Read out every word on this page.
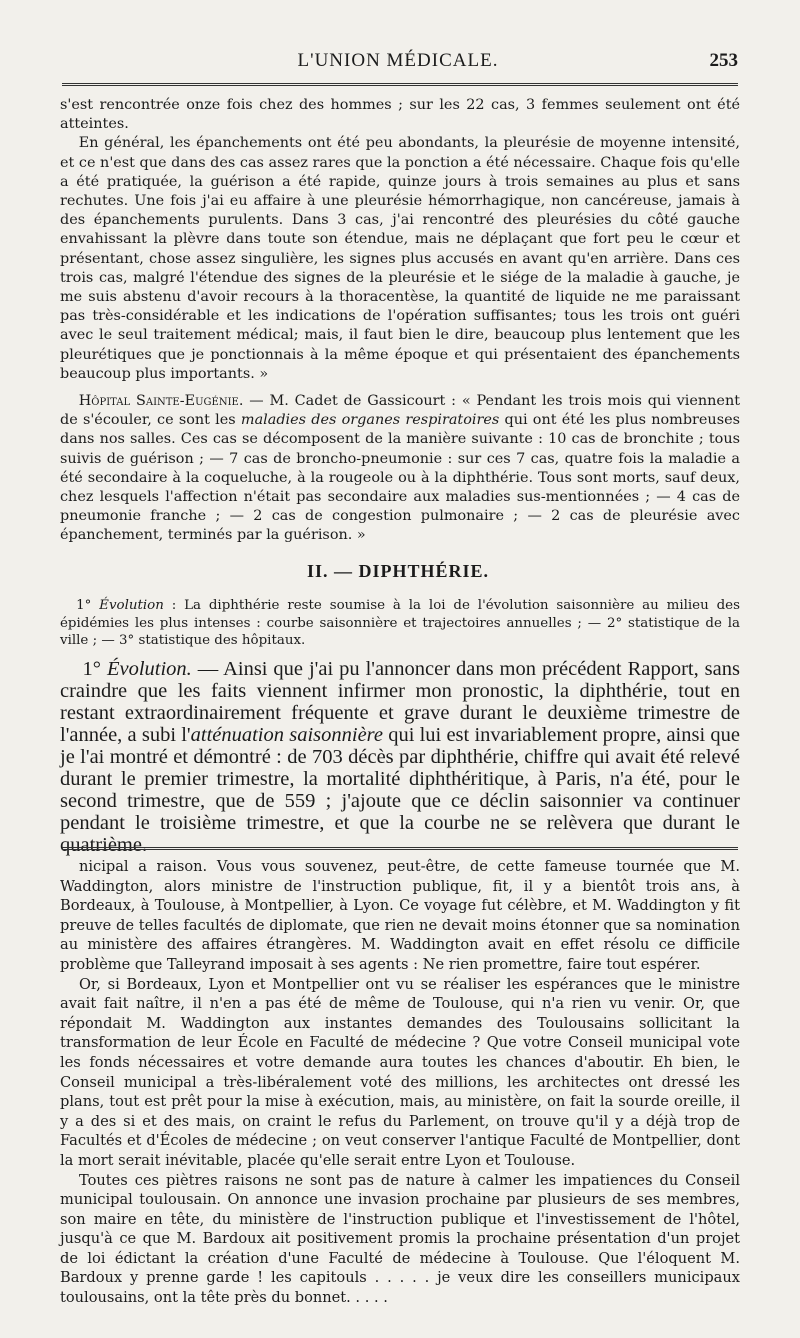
L'UNION MÉDICALE.	253

s'est rencontrée onze fois chez des hommes ; sur les 22 cas, 3 femmes seulement ont été atteintes.

En général, les épanchements ont été peu abondants, la pleurésie de moyenne intensité, et ce n'est que dans des cas assez rares que la ponction a été nécessaire. Chaque fois qu'elle a été pratiquée, la guérison a été rapide, quinze jours à trois semaines au plus et sans rechutes. Une fois j'ai eu affaire à une pleurésie hémorrhagique, non cancéreuse, jamais à des épanchements purulents. Dans 3 cas, j'ai rencontré des pleurésies du côté gauche envahissant la plèvre dans toute son étendue, mais ne déplaçant que fort peu le cœur et présentant, chose assez singulière, les signes plus accusés en avant qu'en arrière. Dans ces trois cas, malgré l'étendue des signes de la pleurésie et le siége de la maladie à gauche, je me suis abstenu d'avoir recours à la thoracentèse, la quantité de liquide ne me paraissant pas très-considérable et les indications de l'opération suffisantes; tous les trois ont guéri avec le seul traitement médical; mais, il faut bien le dire, beaucoup plus lentement que les pleurétiques que je ponctionnais à la même époque et qui présentaient des épanchements beaucoup plus importants. »

Hôpital Sainte-Eugénie. — M. Cadet de Gassicourt : « Pendant les trois mois qui viennent de s'écouler, ce sont les maladies des organes respiratoires qui ont été les plus nombreuses dans nos salles. Ces cas se décomposent de la manière suivante : 10 cas de bronchite ; tous suivis de guérison ; — 7 cas de broncho-pneumonie : sur ces 7 cas, quatre fois la maladie a été secondaire à la coqueluche, à la rougeole ou à la diphthérie. Tous sont morts, sauf deux, chez lesquels l'affection n'était pas secondaire aux maladies sus-mentionnées ; — 4 cas de pneumonie franche ; — 2 cas de congestion pulmonaire ; — 2 cas de pleurésie avec épanchement, terminés par la guérison. »

II. — DIPHTHÉRIE.

1° Évolution : La diphthérie reste soumise à la loi de l'évolution saisonnière au milieu des épidémies les plus intenses : courbe saisonnière et trajectoires annuelles ; — 2° statistique de la ville ; — 3° statistique des hôpitaux.

1° Évolution. — Ainsi que j'ai pu l'annoncer dans mon précédent Rapport, sans craindre que les faits viennent infirmer mon pronostic, la diphthérie, tout en restant extraordinairement fréquente et grave durant le deuxième trimestre de l'année, a subi l'atténuation saisonnière qui lui est invariablement propre, ainsi que je l'ai montré et démontré : de 703 décès par diphthérie, chiffre qui avait été relevé durant le premier trimestre, la mortalité diphthéritique, à Paris, n'a été, pour le second trimestre, que de 559 ; j'ajoute que ce déclin saisonnier va continuer pendant le troisième trimestre, et que la courbe ne se relèvera que durant le quatrième.

nicipal a raison. Vous vous souvenez, peut-être, de cette fameuse tournée que M. Waddington, alors ministre de l'instruction publique, fit, il y a bientôt trois ans, à Bordeaux, à Toulouse, à Montpellier, à Lyon. Ce voyage fut célèbre, et M. Waddington y fit preuve de telles facultés de diplomate, que rien ne devait moins étonner que sa nomination au ministère des affaires étrangères. M. Waddington avait en effet résolu ce difficile problème que Talleyrand imposait à ses agents : Ne rien promettre, faire tout espérer.

Or, si Bordeaux, Lyon et Montpellier ont vu se réaliser les espérances que le ministre avait fait naître, il n'en a pas été de même de Toulouse, qui n'a rien vu venir. Or, que répondait M. Waddington aux instantes demandes des Toulousains sollicitant la transformation de leur École en Faculté de médecine ? Que votre Conseil municipal vote les fonds nécessaires et votre demande aura toutes les chances d'aboutir. Eh bien, le Conseil municipal a très-libéralement voté des millions, les architectes ont dressé les plans, tout est prêt pour la mise à exécution, mais, au ministère, on fait la sourde oreille, il y a des si et des mais, on craint le refus du Parlement, on trouve qu'il y a déjà trop de Facultés et d'Écoles de médecine ; on veut conserver l'antique Faculté de Montpellier, dont la mort serait inévitable, placée qu'elle serait entre Lyon et Toulouse.

Toutes ces piètres raisons ne sont pas de nature à calmer les impatiences du Conseil municipal toulousain. On annonce une invasion prochaine par plusieurs de ses membres, son maire en tête, du ministère de l'instruction publique et l'investissement de l'hôtel, jusqu'à ce que M. Bardoux ait positivement promis la prochaine présentation d'un projet de loi édictant la création d'une Faculté de médecine à Toulouse. Que l'éloquent M. Bardoux y prenne garde ! les capitouls . . . . . je veux dire les conseillers municipaux toulousains, ont la tête près du bonnet. . . . .
